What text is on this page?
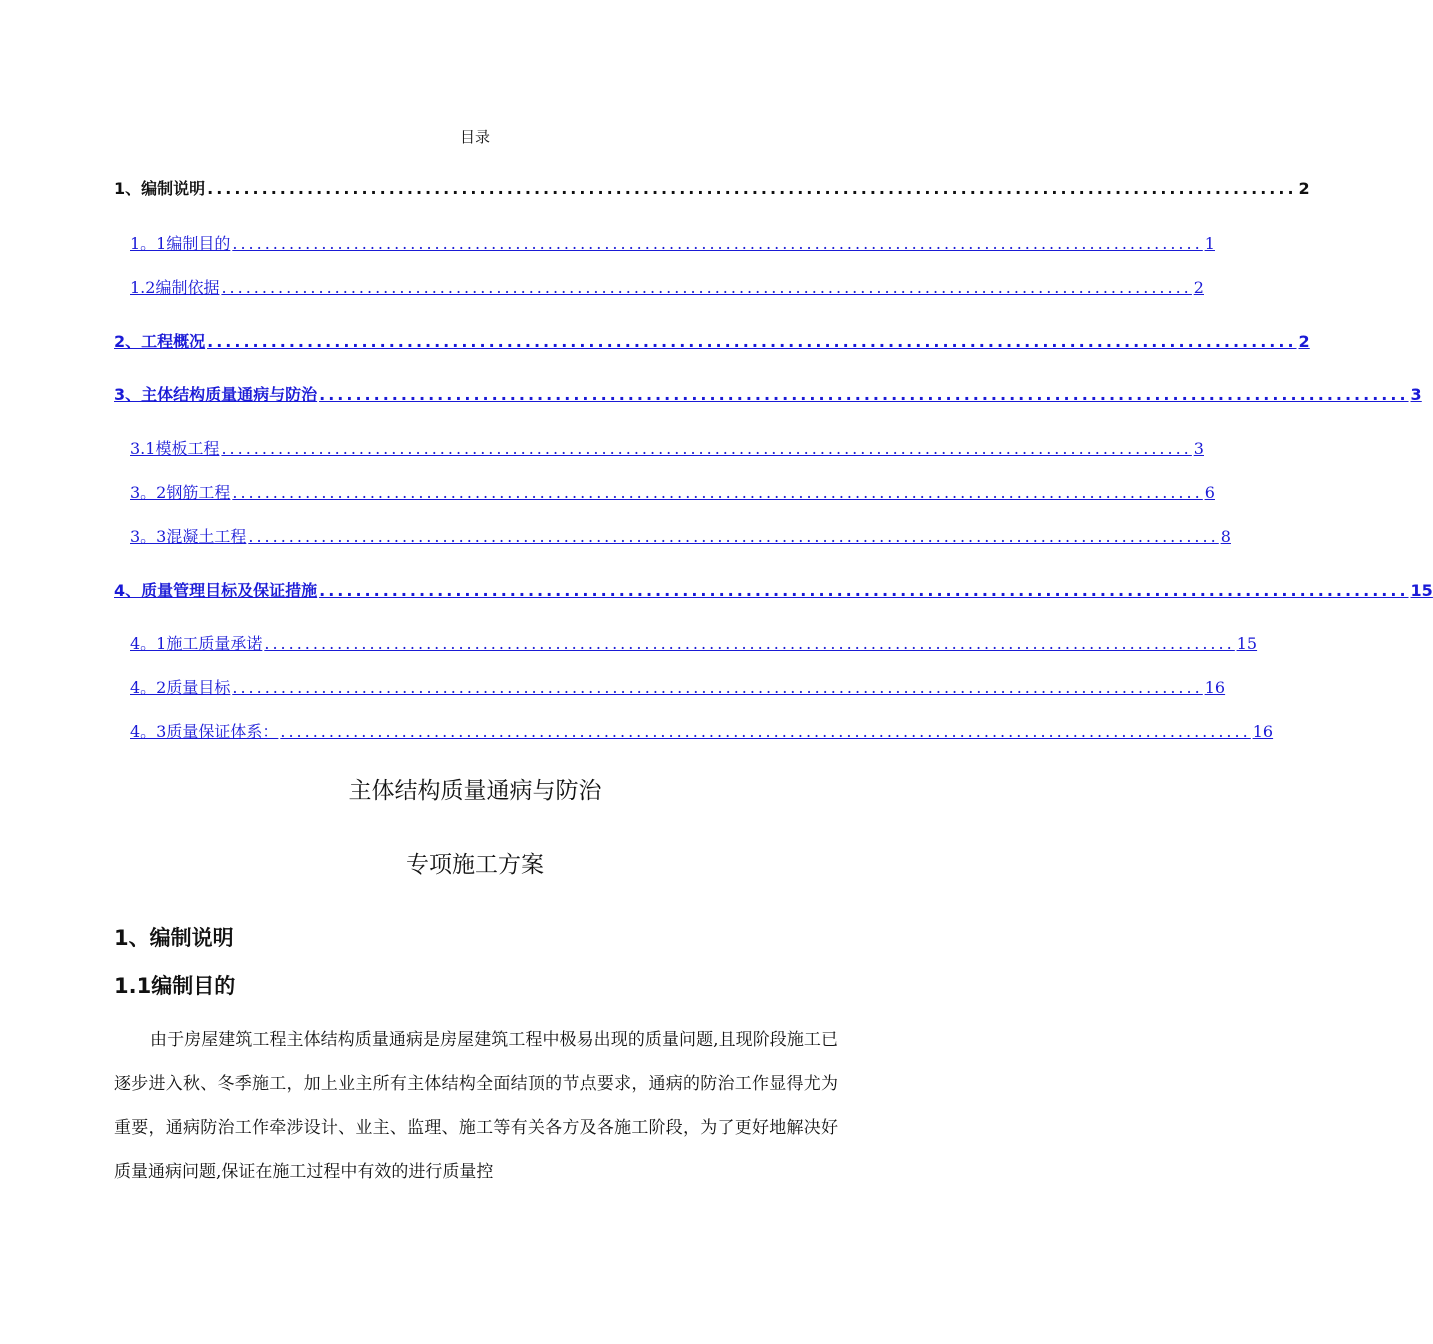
目录
1、编制说明 ........................................................................................................................ 2
1。1编制目的 ........................................................................................................................ 1
1.2编制依据 ........................................................................................................................ 2
2、工程概况 ........................................................................................................................ 2
3、主体结构质量通病与防治 ........................................................................................................................ 3
3.1模板工程 ........................................................................................................................ 3
3。2钢筋工程 ........................................................................................................................ 6
3。3混凝土工程 ........................................................................................................................ 8
4、质量管理目标及保证措施 ........................................................................................................................ 15
4。1施工质量承诺 ........................................................................................................................ 15
4。2质量目标 ........................................................................................................................ 16
4。3质量保证体系： ........................................................................................................................ 16
主体结构质量通病与防治
专项施工方案
1、编制说明
1.1编制目的
由于房屋建筑工程主体结构质量通病是房屋建筑工程中极易出现的质量问题,且现阶段施工已逐步进入秋、冬季施工，加上业主所有主体结构全面结顶的节点要求，通病的防治工作显得尤为重要，通病防治工作牵涉设计、业主、监理、施工等有关各方及各施工阶段，为了更好地解决好质量通病问题,保证在施工过程中有效的进行质量控
